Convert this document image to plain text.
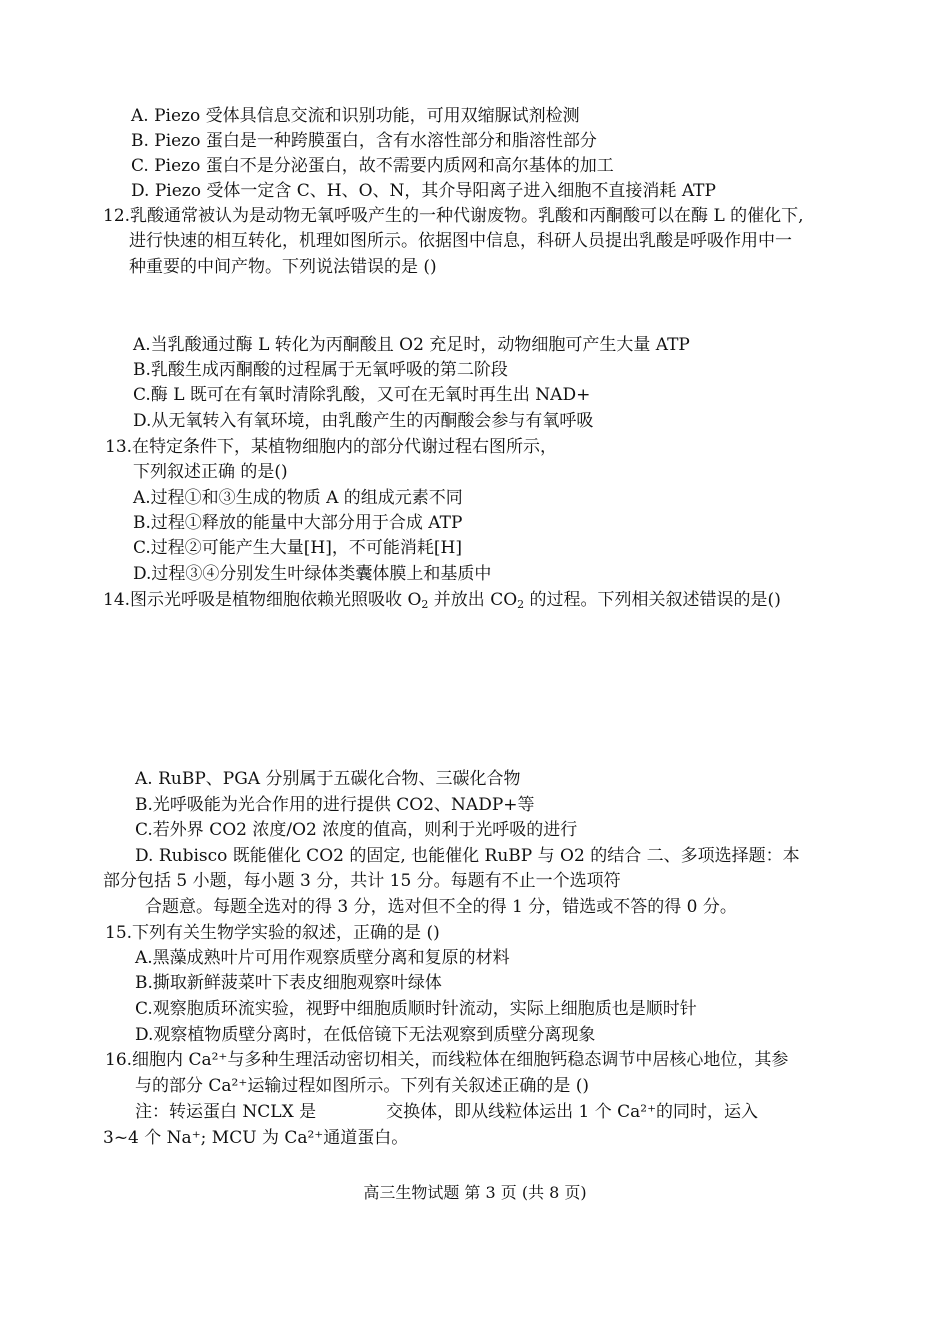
A. Piezo 受体具信息交流和识别功能，可用双缩脲试剂检测
B. Piezo 蛋白是一种跨膜蛋白，含有水溶性部分和脂溶性部分
C. Piezo 蛋白不是分泌蛋白，故不需要内质网和高尔基体的加工
D. Piezo 受体一定含 C、H、O、N，其介导阳离子进入细胞不直接消耗 ATP
12.乳酸通常被认为是动物无氧呼吸产生的一种代谢废物。乳酸和丙酮酸可以在酶 L 的催化下,
进行快速的相互转化，机理如图所示。依据图中信息，科研人员提出乳酸是呼吸作用中一
种重要的中间产物。下列说法错误的是 ()
A.当乳酸通过酶 L 转化为丙酮酸且 O2 充足时，动物细胞可产生大量 ATP
B.乳酸生成丙酮酸的过程属于无氧呼吸的第二阶段
C.酶 L 既可在有氧时清除乳酸，又可在无氧时再生出 NAD+
D.从无氧转入有氧环境，由乳酸产生的丙酮酸会参与有氧呼吸
13.在特定条件下，某植物细胞内的部分代谢过程右图所示，
下列叙述正确 的是()
A.过程①和③生成的物质 A 的组成元素不同
B.过程①释放的能量中大部分用于合成 ATP
C.过程②可能产生大量[H]，不可能消耗[H]
D.过程③④分别发生叶绿体类囊体膜上和基质中
14.图示光呼吸是植物细胞依赖光照吸收 $O_2$ 并放出 $CO_2$ 的过程。下列相关叙述错误的是()
A. RuBP、PGA 分别属于五碳化合物、三碳化合物
B.光呼吸能为光合作用的进行提供 CO2、NADP+等
C.若外界 CO2 浓度/O2 浓度的值高，则利于光呼吸的进行
D. Rubisco 既能催化 CO2 的固定, 也能催化 RuBP 与 O2 的结合 二、多项选择题：本
部分包括 5 小题，每小题 3 分，共计 15 分。每题有不止一个选项符
合题意。每题全选对的得 3 分，选对但不全的得 1 分，错选或不答的得 0 分。
15.下列有关生物学实验的叙述，正确的是 ()
A.黑藻成熟叶片可用作观察质壁分离和复原的材料
B.撕取新鲜菠菜叶下表皮细胞观察叶绿体
C.观察胞质环流实验，视野中细胞质顺时针流动，实际上细胞质也是顺时针
D.观察植物质壁分离时，在低倍镜下无法观察到质壁分离现象
16.细胞内 Ca²⁺与多种生理活动密切相关，而线粒体在细胞钙稳态调节中居核心地位，其参
与的部分 Ca²⁺运输过程如图所示。下列有关叙述正确的是 ()
注：转运蛋白 NCLX 是	交换体，即从线粒体运出 1 个 Ca²⁺的同时，运入
3~4 个 Na⁺; MCU 为 Ca²⁺通道蛋白。
高三生物试题 第 3 页 (共 8 页)
